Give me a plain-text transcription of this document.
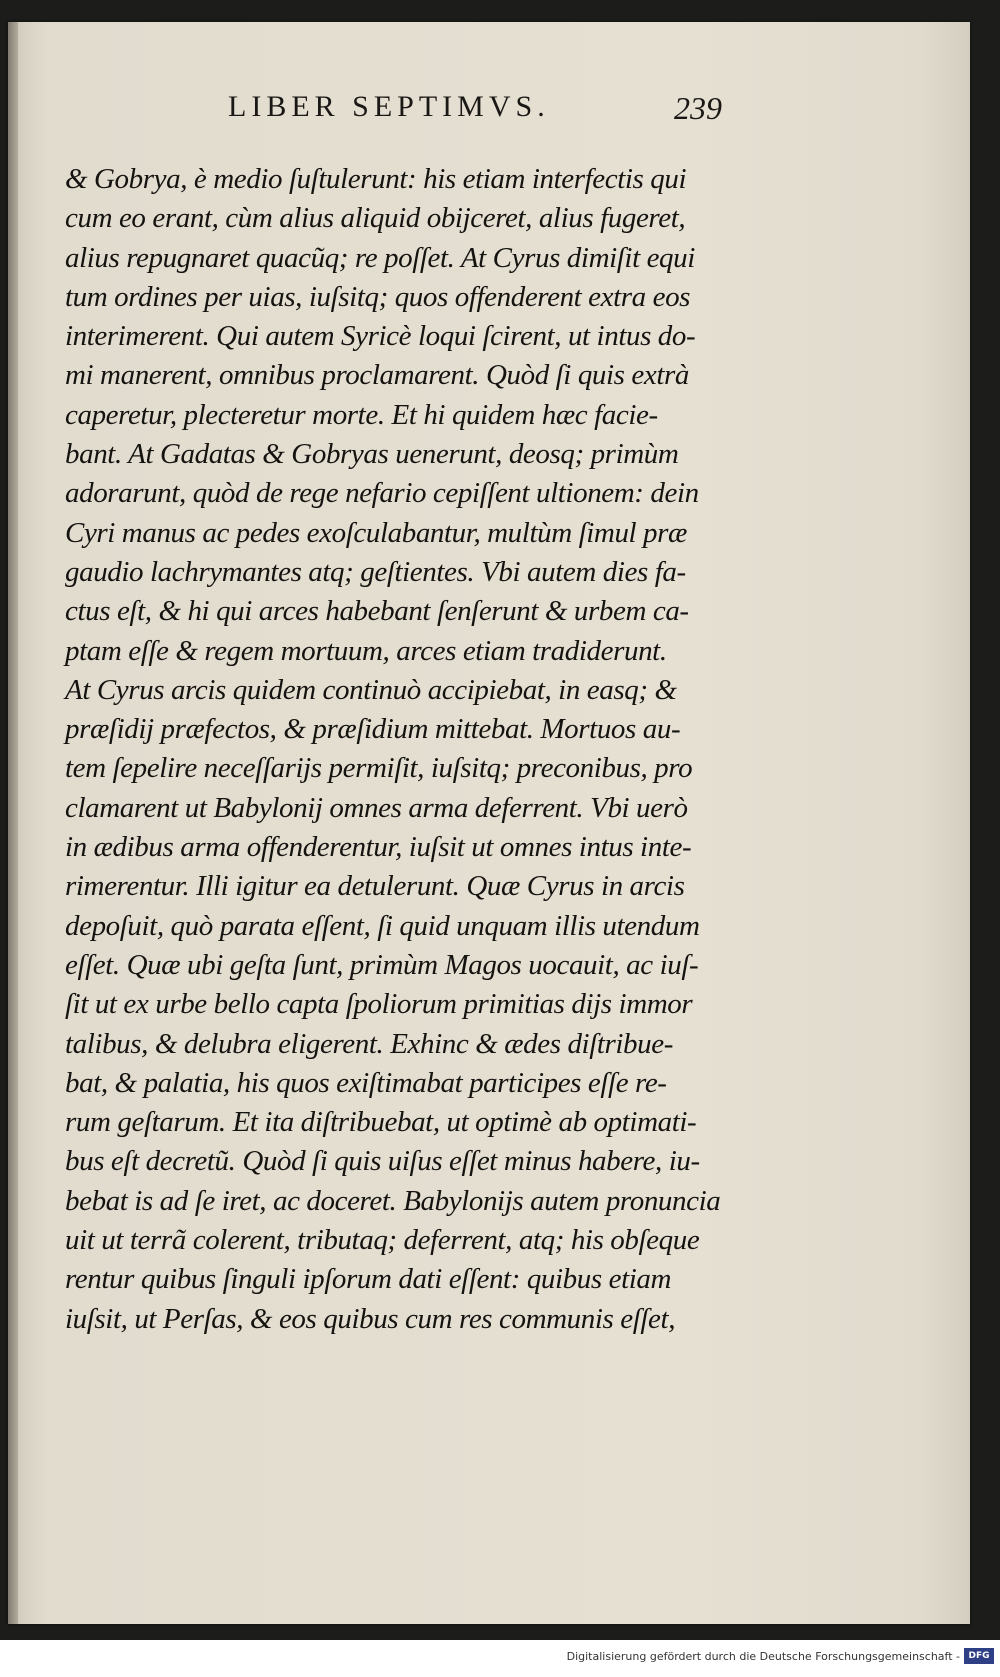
LIBER SEPTIMVS.	239
& Gobrya, è medio ſuſtulerunt: his etiam interfectis qui
cum eo erant, cùm alius aliquid obijceret, alius fugeret,
alius repugnaret quacũq; re poſſet. At Cyrus dimiſit equi
tum ordines per uias, iuſsitq; quos offenderent extra eos
interimerent. Qui autem Syricè loqui ſcirent, ut intus do-
mi manerent, omnibus proclamarent. Quòd ſi quis extrà
caperetur, plecteretur morte. Et hi quidem hæc facie-
bant. At Gadatas & Gobryas uenerunt, deosq; primùm
adorarunt, quòd de rege nefario cepiſſent ultionem: dein
Cyri manus ac pedes exoſculabantur, multùm ſimul præ
gaudio lachrymantes atq; geſtientes. Vbi autem dies fa-
ctus eſt, & hi qui arces habebant ſenſerunt & urbem ca-
ptam eſſe & regem mortuum, arces etiam tradiderunt.
At Cyrus arcis quidem continuò accipiebat, in easq; &
præſidij præfectos, & præſidium mittebat. Mortuos au-
tem ſepelire neceſſarijs permiſit, iuſsitq; preconibus, pro
clamarent ut Babylonij omnes arma deferrent. Vbi uerò
in ædibus arma offenderentur, iuſsit ut omnes intus inte-
rimerentur. Illi igitur ea detulerunt. Quæ Cyrus in arcis
depoſuit, quò parata eſſent, ſi quid unquam illis utendum
eſſet. Quæ ubi geſta ſunt, primùm Magos uocauit, ac iuſ-
ſit ut ex urbe bello capta ſpoliorum primitias dijs immor
talibus, & delubra eligerent. Exhinc & ædes diſtribue-
bat, & palatia, his quos exiſtimabat participes eſſe re-
rum geſtarum. Et ita diſtribuebat, ut optimè ab optimati-
bus eſt decretũ. Quòd ſi quis uiſus eſſet minus habere, iu-
bebat is ad ſe iret, ac doceret. Babylonijs autem pronuncia
uit ut terrã colerent, tributaq; deferrent, atq; his obſeque
rentur quibus ſinguli ipſorum dati eſſent: quibus etiam
iuſsit, ut Perſas, & eos quibus cum res communis eſſet,
Digitalisierung gefördert durch die Deutsche Forschungsgemeinschaft - DFG
